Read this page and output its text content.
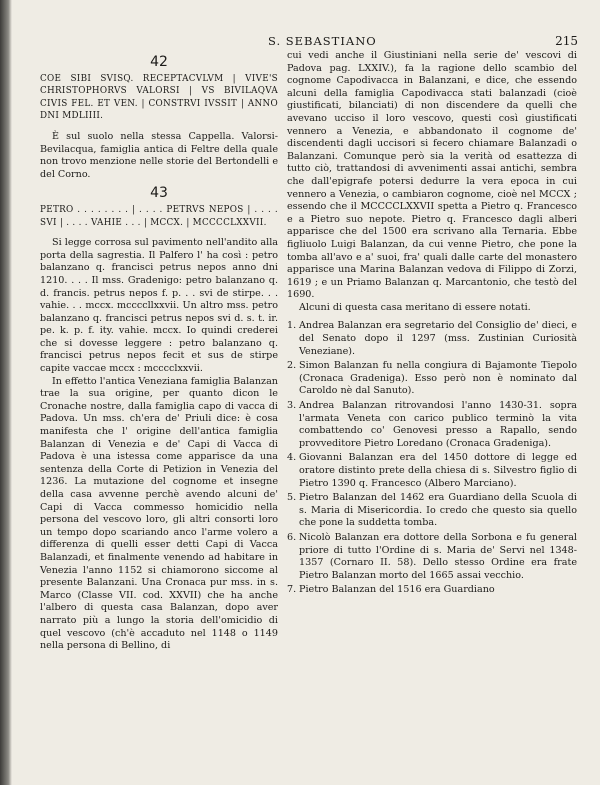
S. SEBASTIANO	215
42

COE SIBI SVISQ. RECEPTACVLVM | VIVE'S CHRISTOPHORVS VALORSI | VS BIVILAQVA CIVIS FEL. ET VEN. | CONSTRVI IVSSIT | ANNO DNI MDLIIII.

È sul suolo nella stessa Cappella. Valorsi-Bevilacqua, famiglia antica di Feltre della quale non trovo menzione nelle storie del Bertondelli e del Corno.

43

PETRO . . . . . . . . | . . . . PETRVS NEPOS | . . . . SVI | . . . . VAHIE . . . | MCCX. | MCCCCLXXVII.

Si legge corrosa sul pavimento nell'andito alla porta della sagrestia. Il Palfero l' ha così : petro balanzano q. francisci petrus nepos anno dni 1210. . . . Il mss. Gradenigo: petro balanzano q. d. francis. petrus nepos f. p. . . svi de stirpe. . . vahie. . . mccx. mccccllxxvii. Un altro mss. petro balanzano q. francisci petrus nepos svi d. s. t. ir. pe. k. p. f. ity. vahie. mccx. Io quindi crederei che si dovesse leggere : petro balanzano q. francisci petrus nepos fecit et sus de stirpe capite vaccae mccx : mcccclxxvii.

In effetto l'antica Veneziana famiglia Balanzan trae la sua origine, per quanto dicon le Cronache nostre, dalla famiglia capo di vacca di Padova. Un mss. ch'era de' Priuli dice: è cosa manifesta che l' origine dell'antica famiglia Balanzan di Venezia e de' Capi di Vacca di Padova è una istessa come apparisce da una sentenza della Corte di Petizion in Venezia del 1236. La mutazione del cognome et insegne della casa avvenne perchè avendo alcuni de' Capi di Vacca commesso homicidio nella persona del vescovo loro, gli altri consorti loro un tempo dopo scariando anco l'arme volero a differenza di quelli esser detti Capi di Vacca Balanzadi, et finalmente venendo ad habitare in Venezia l'anno 1152 si chiamorono siccome al presente Balanzani. Una Cronaca pur mss. in s. Marco (Classe VII. cod. XXVII) che ha anche l'albero di questa casa Balanzan, dopo aver narrato più a lungo la storia dell'omicidio di quel vescovo (ch'è accaduto nel 1148 o 1149 nella persona di Bellino, di

cui vedi anche il Giustiniani nella serie de' vescovi di Padova pag. LXXIV.), fa la ragione dello scambio del cognome Capodivacca in Balanzani, e dice, che essendo alcuni della famiglia Capodivacca stati balanzadi (cioè giustificati, bilanciati) di non discendere da quelli che avevano ucciso il loro vescovo, questi così giustificati vennero a Venezia, e abbandonato il cognome de' discendenti dagli uccisori si fecero chiamare Balanzadi o Balanzani. Comunque però sia la verità od esattezza di tutto ciò, trattandosi di avvenimenti assai antichi, sembra che dall'epigrafe potersi dedurre la vera epoca in cui vennero a Venezia, o cambiaron cognome, cioè nel MCCX ; essendo che il MCCCCLXXVII spetta a Pietro q. Francesco e a Pietro suo nepote. Pietro q. Francesco dagli alberi apparisce che del 1500 era scrivano alla Ternaria. Ebbe figliuolo Luigi Balanzan, da cui venne Pietro, che pone la tomba all'avo e a' suoi, fra' quali dalle carte del monastero apparisce una Marina Balanzan vedova di Filippo di Zorzi, 1619 ; e un Priamo Balanzan q. Marcantonio, che testò del 1690.

Alcuni di questa casa meritano di essere notati.

1. Andrea Balanzan era segretario del Consiglio de' dieci, e del Senato dopo il 1297 (mss. Zustinian Curiosità Veneziane).
2. Simon Balanzan fu nella congiura di Bajamonte Tiepolo (Cronaca Gradeniga). Esso però non è nominato dal Caroldo nè dal Sanuto).
3. Andrea Balanzan ritrovandosi l'anno 1430-31. sopra l'armata Veneta con carico publico terminò la vita combattendo co' Genovesi presso a Rapallo, sendo provveditore Pietro Loredano (Cronaca Gradeniga).
4. Giovanni Balanzan era del 1450 dottore di legge ed oratore distinto prete della chiesa di s. Silvestro figlio di Pietro 1390 q. Francesco (Albero Marciano).
5. Pietro Balanzan del 1462 era Guardiano della Scuola di s. Maria di Misericordia. Io credo che questo sia quello che pone la suddetta tomba.
6. Nicolò Balanzan era dottore della Sorbona e fu general priore di tutto l'Ordine di s. Maria de' Servi nel 1348-1357 (Cornaro II. 58). Dello stesso Ordine era frate Pietro Balanzan morto del 1665 assai vecchio.
7. Pietro Balanzan del 1516 era Guardiano
